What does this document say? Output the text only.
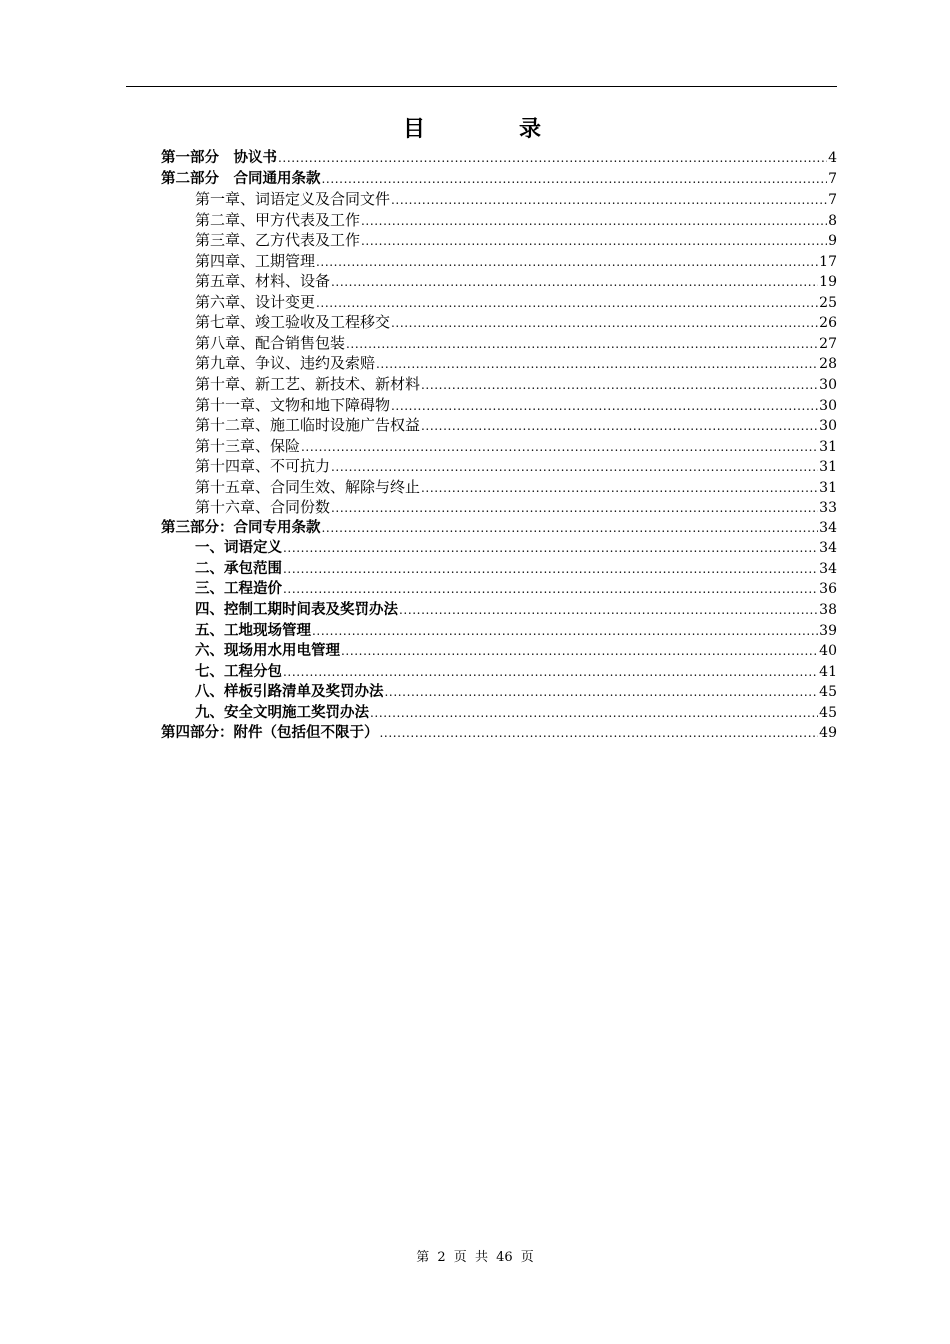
目　录
第一部分　协议书 .....	4
第二部分　合同通用条款 .....	7
第一章、词语定义及合同文件 .....	7
第二章、甲方代表及工作 .....	8
第三章、乙方代表及工作 .....	9
第四章、工期管理 .....	17
第五章、材料、设备 .....	19
第六章、设计变更 .....	25
第七章、竣工验收及工程移交 .....	26
第八章、配合销售包装 .....	27
第九章、争议、违约及索赔 .....	28
第十章、新工艺、新技术、新材料 .....	30
第十一章、文物和地下障碍物 .....	30
第十二章、施工临时设施广告权益 .....	30
第十三章、保险 .....	31
第十四章、不可抗力 .....	31
第十五章、合同生效、解除与终止 .....	31
第十六章、合同份数 .....	33
第三部分：合同专用条款 .....	34
一、词语定义 .....	34
二、承包范围 .....	34
三、工程造价 .....	36
四、控制工期时间表及奖罚办法 .....	38
五、工地现场管理 .....	39
六、现场用水用电管理 .....	40
七、工程分包 .....	41
八、样板引路清单及奖罚办法 .....	45
九、安全文明施工奖罚办法 .....	45
第四部分：附件（包括但不限于） .....	49
第 2 页 共 46 页
